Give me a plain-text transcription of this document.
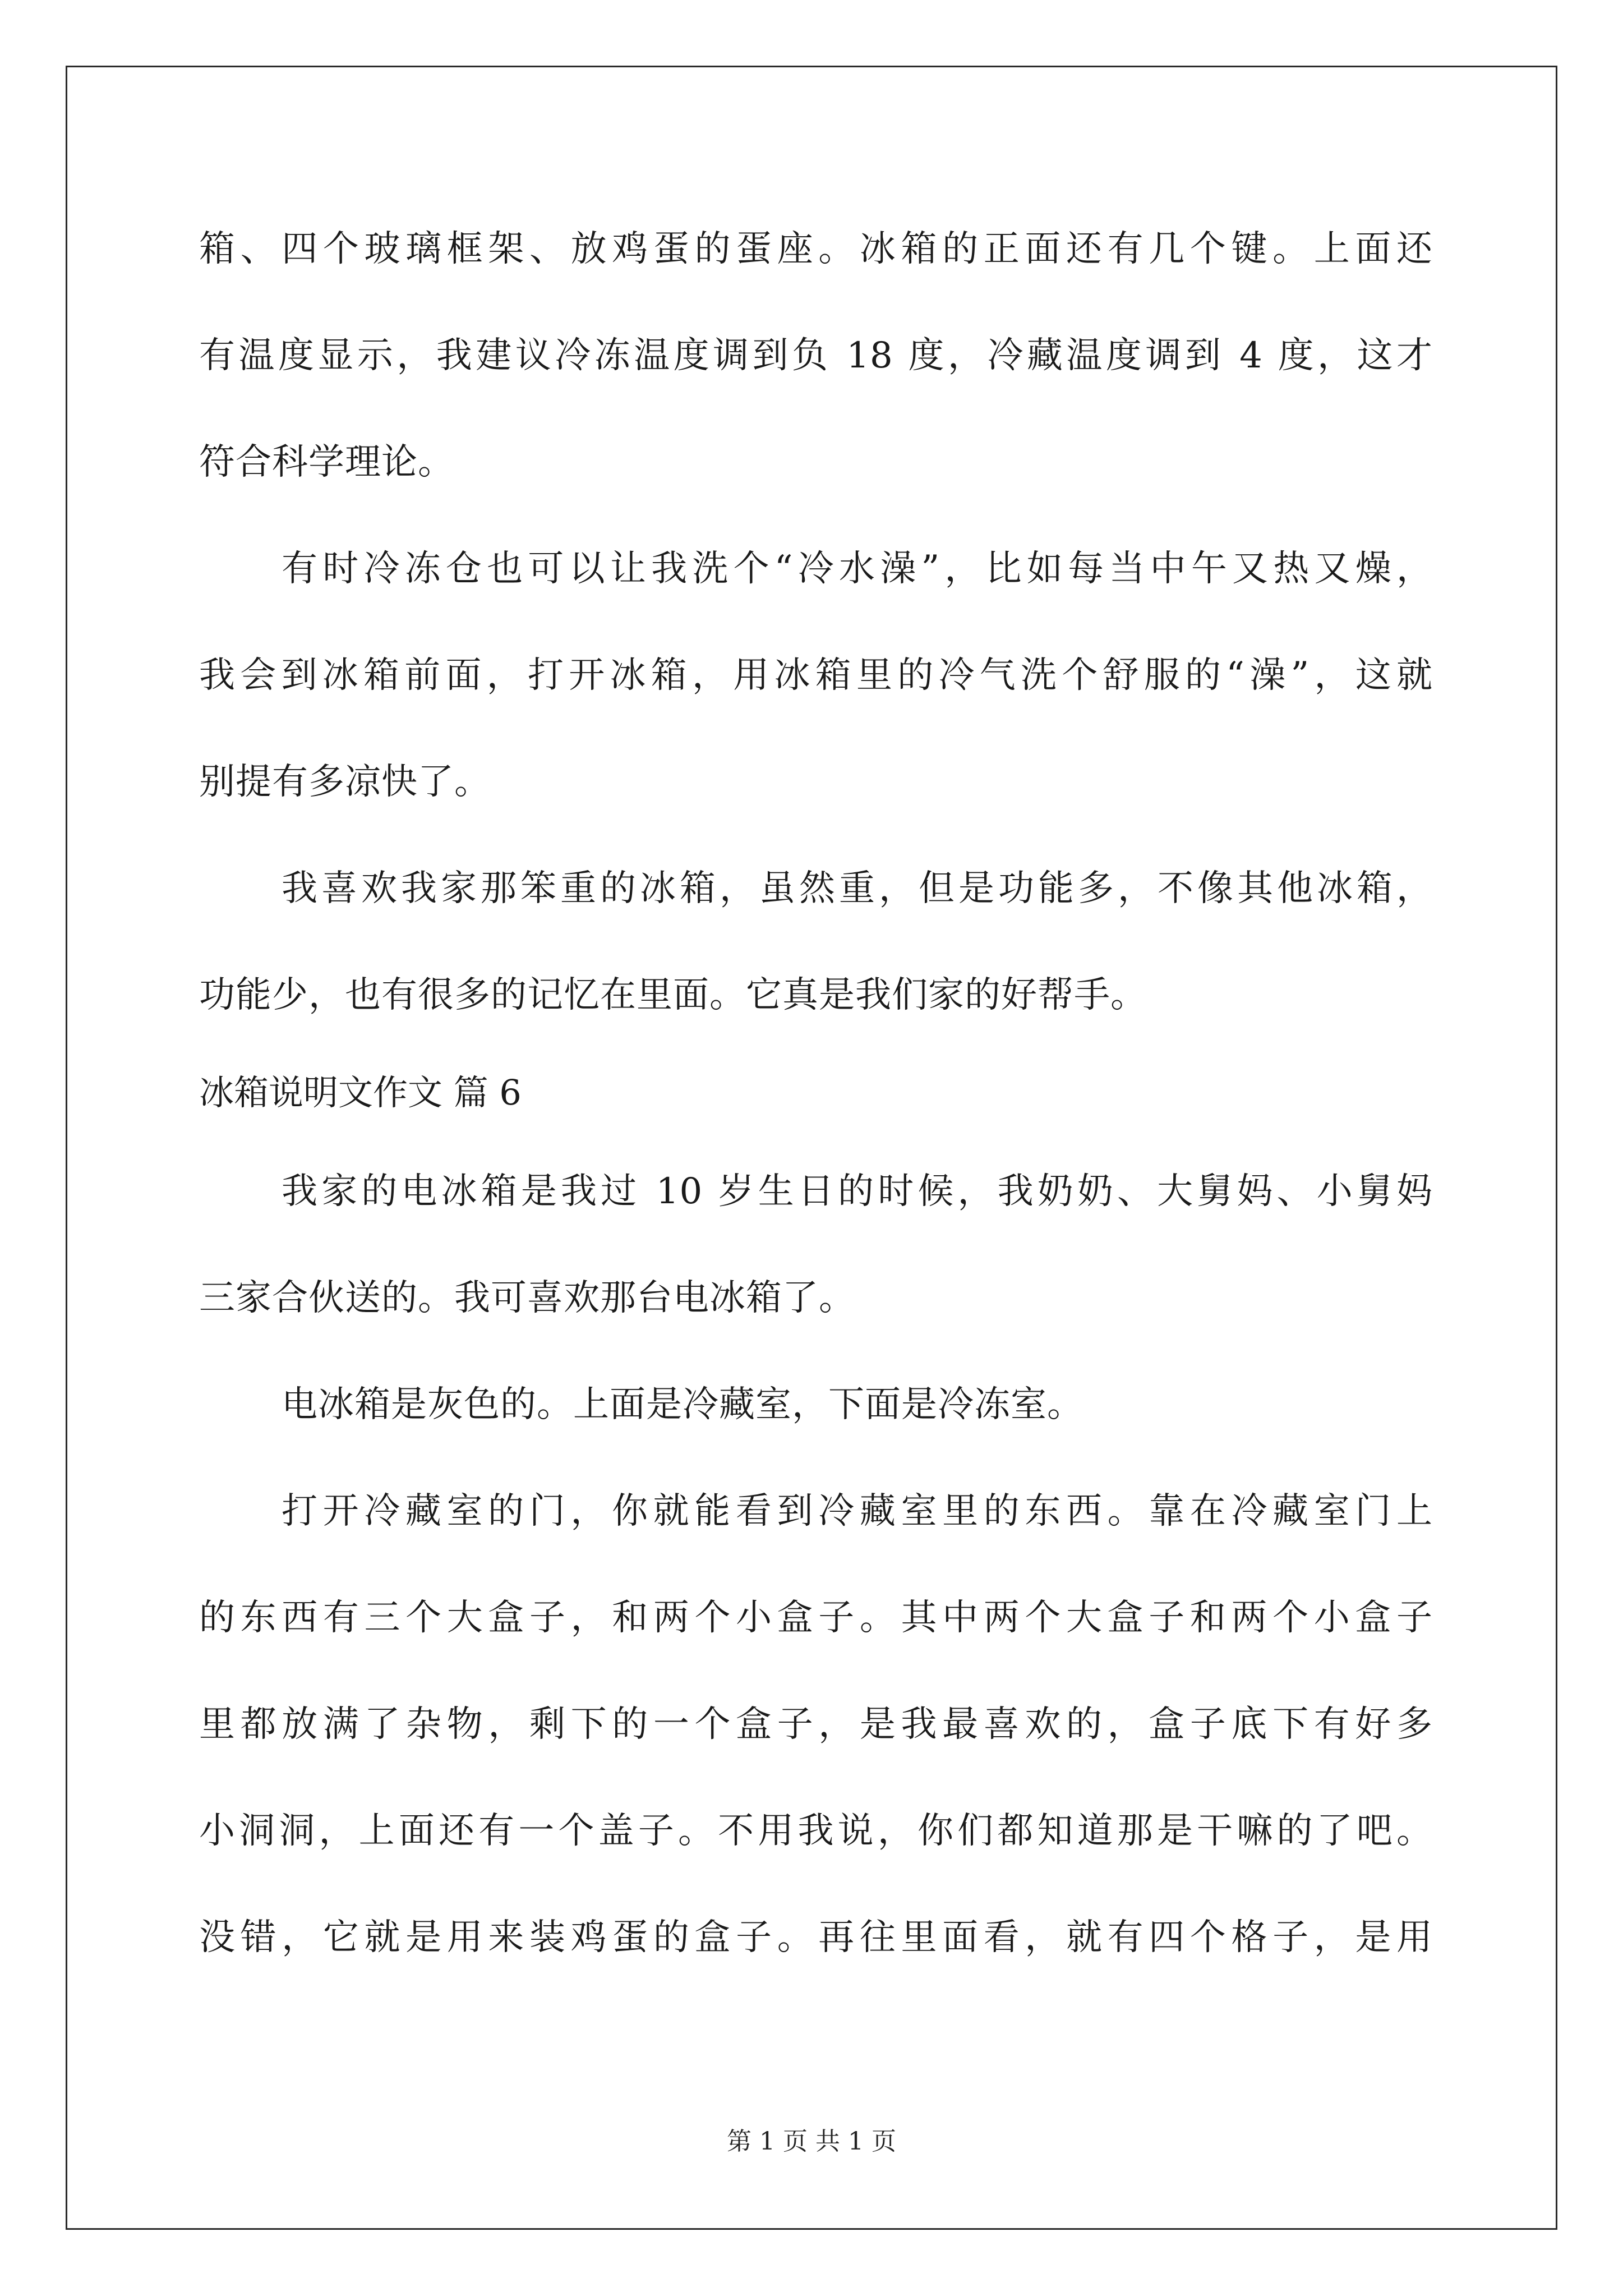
箱、四个玻璃框架、放鸡蛋的蛋座。冰箱的正面还有几个键。上面还
有温度显示，我建议冷冻温度调到负 18 度，冷藏温度调到 4 度，这才
符合科学理论。
有时冷冻仓也可以让我洗个“冷水澡”，比如每当中午又热又燥，
我会到冰箱前面，打开冰箱，用冰箱里的冷气洗个舒服的“澡”，这就
别提有多凉快了。
我喜欢我家那笨重的冰箱，虽然重，但是功能多，不像其他冰箱，
功能少，也有很多的记忆在里面。它真是我们家的好帮手。
冰箱说明文作文 篇 6
我家的电冰箱是我过 10 岁生日的时候，我奶奶、大舅妈、小舅妈
三家合伙送的。我可喜欢那台电冰箱了。
电冰箱是灰色的。上面是冷藏室，下面是冷冻室。
打开冷藏室的门，你就能看到冷藏室里的东西。靠在冷藏室门上
的东西有三个大盒子，和两个小盒子。其中两个大盒子和两个小盒子
里都放满了杂物，剩下的一个盒子，是我最喜欢的，盒子底下有好多
小洞洞，上面还有一个盖子。不用我说，你们都知道那是干嘛的了吧。
没错，它就是用来装鸡蛋的盒子。再往里面看，就有四个格子，是用
第 1 页 共 1 页
